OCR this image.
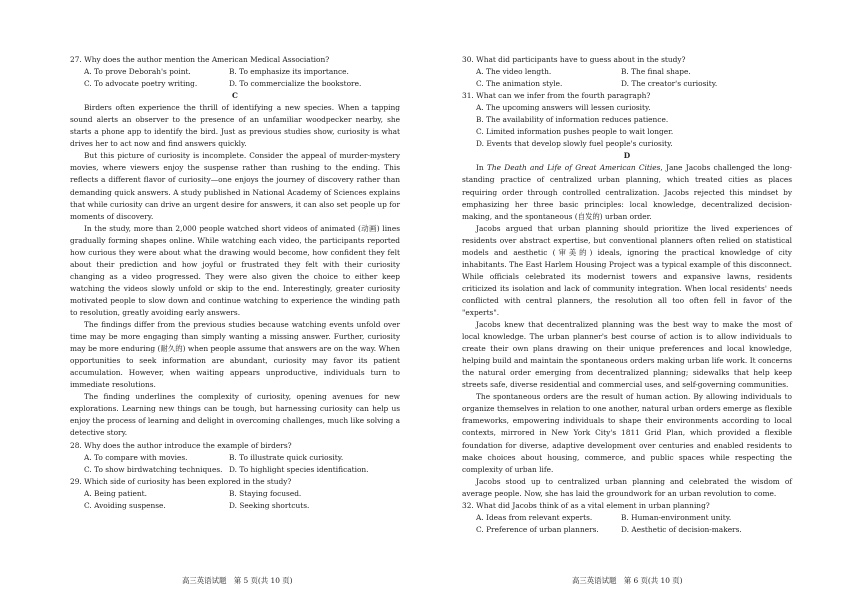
27. Why does the author mention the American Medical Association?

A. To prove Deborah's point.	B. To emphasize its importance.
C. To advocate poetry writing.	D. To commercialize the bookstore.

C

Birders often experience the thrill of identifying a new species. When a tapping sound alerts an observer to the presence of an unfamiliar woodpecker nearby, she starts a phone app to identify the bird. Just as previous studies show, curiosity is what drives her to act now and find answers quickly.

But this picture of curiosity is incomplete. Consider the appeal of murder-mystery movies, where viewers enjoy the suspense rather than rushing to the ending. This reflects a different flavor of curiosity—one enjoys the journey of discovery rather than demanding quick answers. A study published in National Academy of Sciences explains that while curiosity can drive an urgent desire for answers, it can also set people up for moments of discovery.

In the study, more than 2,000 people watched short videos of animated (动画) lines gradually forming shapes online. While watching each video, the participants reported how curious they were about what the drawing would become, how confident they felt about their prediction and how joyful or frustrated they felt with their curiosity changing as a video progressed. They were also given the choice to either keep watching the videos slowly unfold or skip to the end. Interestingly, greater curiosity motivated people to slow down and continue watching to experience the winding path to resolution, greatly avoiding early answers.

The findings differ from the previous studies because watching events unfold over time may be more engaging than simply wanting a missing answer. Further, curiosity may be more enduring (耐久的) when people assume that answers are on the way. When opportunities to seek information are abundant, curiosity may favor its patient accumulation. However, when waiting appears unproductive, individuals turn to immediate resolutions.

The finding underlines the complexity of curiosity, opening avenues for new explorations. Learning new things can be tough, but harnessing curiosity can help us enjoy the process of learning and delight in overcoming challenges, much like solving a detective story.

28. Why does the author introduce the example of birders?

A. To compare with movies.	B. To illustrate quick curiosity.
C. To show birdwatching techniques. D. To highlight species identification.

29. Which side of curiosity has been explored in the study?

A. Being patient.	B. Staying focused.
C. Avoiding suspense.	D. Seeking shortcuts.

30. What did participants have to guess about in the study?

A. The video length.	B. The final shape.
C. The animation style.	D. The creator's curiosity.

31. What can we infer from the fourth paragraph?

A. The upcoming answers will lessen curiosity.
B. The availability of information reduces patience.
C. Limited information pushes people to wait longer.
D. Events that develop slowly fuel people's curiosity.

D

In The Death and Life of Great American Cities, Jane Jacobs challenged the long-standing practice of centralized urban planning, which treated cities as places requiring order through controlled centralization. Jacobs rejected this mindset by emphasizing her three basic principles: local knowledge, decentralized decision-making, and the spontaneous (自发的) urban order.

Jacobs argued that urban planning should prioritize the lived experiences of residents over abstract expertise, but conventional planners often relied on statistical models and aesthetic (审美的) ideals, ignoring the practical knowledge of city inhabitants. The East Harlem Housing Project was a typical example of this disconnect. While officials celebrated its modernist towers and expansive lawns, residents criticized its isolation and lack of community integration. When local residents' needs conflicted with central planners, the resolution all too often fell in favor of the "experts".

Jacobs knew that decentralized planning was the best way to make the most of local knowledge. The urban planner's best course of action is to allow individuals to create their own plans drawing on their unique preferences and local knowledge, helping build and maintain the spontaneous orders making urban life work. It concerns the natural order emerging from decentralized planning; sidewalks that help keep streets safe, diverse residential and commercial uses, and self-governing communities.

The spontaneous orders are the result of human action. By allowing individuals to organize themselves in relation to one another, natural urban orders emerge as flexible frameworks, empowering individuals to shape their environments according to local contexts, mirrored in New York City's 1811 Grid Plan, which provided a flexible foundation for diverse, adaptive development over centuries and enabled residents to make choices about housing, commerce, and public spaces while respecting the complexity of urban life.

Jacobs stood up to centralized urban planning and celebrated the wisdom of average people. Now, she has laid the groundwork for an urban revolution to come.

32. What did Jacobs think of as a vital element in urban planning?

A. Ideas from relevant experts.	B. Human-environment unity.
C. Preference of urban planners.	D. Aesthetic of decision-makers.
高三英语试题　第 5 页(共 10 页)	高三英语试题　第 6 页(共 10 页)
